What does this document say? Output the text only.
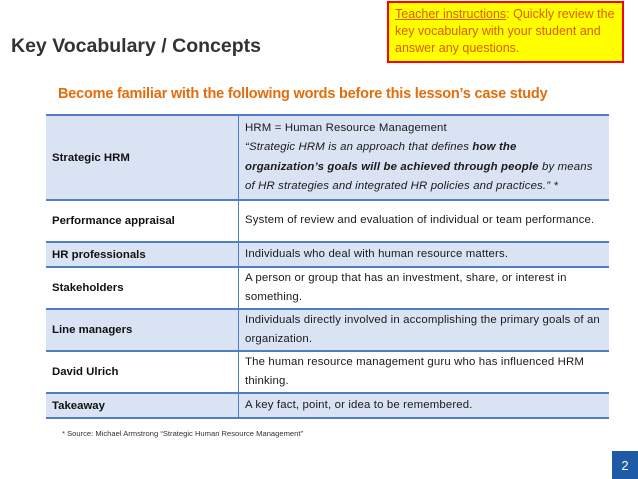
Key Vocabulary / Concepts
Teacher instructions: Quickly review the key vocabulary with your student and answer any questions.
Become familiar with the following words before this lesson’s case study
Strategic HRM	HRM = Human Resource Management
“Strategic HRM is an approach that defines how the
organization’s goals will be achieved through people by means
of HR strategies and integrated HR policies and practices.” *
Performance appraisal	System of review and evaluation of individual or team performance.
HR professionals	Individuals who deal with human resource matters.
Stakeholders	A person or group that has an investment, share, or interest in something.
Line managers	Individuals directly involved in accomplishing the primary goals of an organization.
David Ulrich	The human resource management guru who has influenced HRM thinking.
Takeaway	A key fact, point, or idea to be remembered.
* Source: Michael Armstrong “Strategic Human Resource Management”
2
